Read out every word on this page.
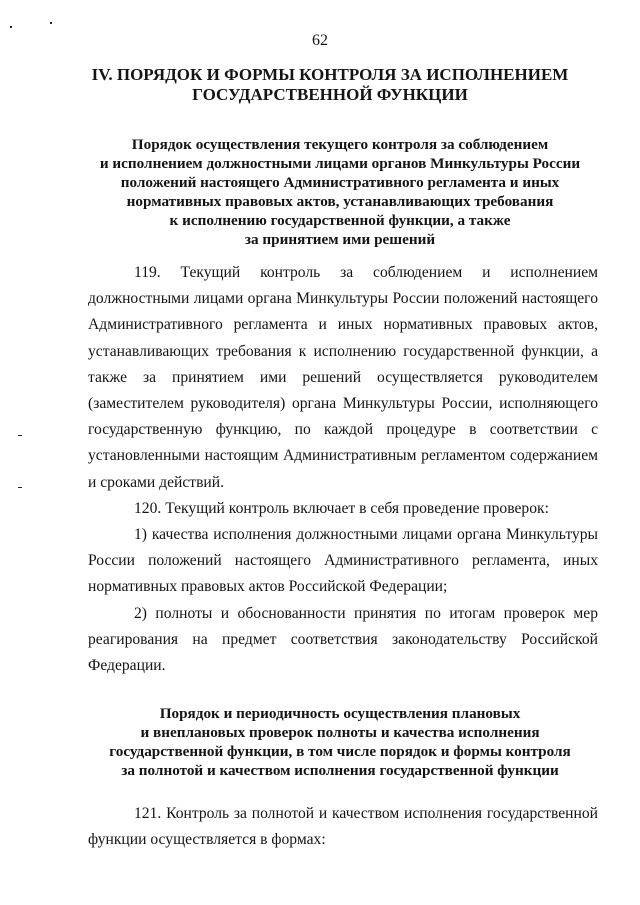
62
IV. ПОРЯДОК И ФОРМЫ КОНТРОЛЯ ЗА ИСПОЛНЕНИЕМ
ГОСУДАРСТВЕННОЙ ФУНКЦИИ
Порядок осуществления текущего контроля за соблюдением
и исполнением должностными лицами органов Минкультуры России
положений настоящего Административного регламента и иных
нормативных правовых актов, устанавливающих требования
к исполнению государственной функции, а также
за принятием ими решений

119. Текущий контроль за соблюдением и исполнением должностными лицами органа Минкультуры России положений настоящего Административного регламента и иных нормативных правовых актов, устанавливающих требования к исполнению государственной функции, а также за принятием ими решений осуществляется руководителем (заместителем руководителя) органа Минкультуры России, исполняющего государственную функцию, по каждой процедуре в соответствии с установленными настоящим Административным регламентом содержанием и сроками действий.

120. Текущий контроль включает в себя проведение проверок:

1) качества исполнения должностными лицами органа Минкультуры России положений настоящего Административного регламента, иных нормативных правовых актов Российской Федерации;

2) полноты и обоснованности принятия по итогам проверок мер реагирования на предмет соответствия законодательству Российской Федерации.

Порядок и периодичность осуществления плановых
и внеплановых проверок полноты и качества исполнения
государственной функции, в том числе порядок и формы контроля
за полнотой и качеством исполнения государственной функции

121. Контроль за полнотой и качеством исполнения государственной функции осуществляется в формах:
